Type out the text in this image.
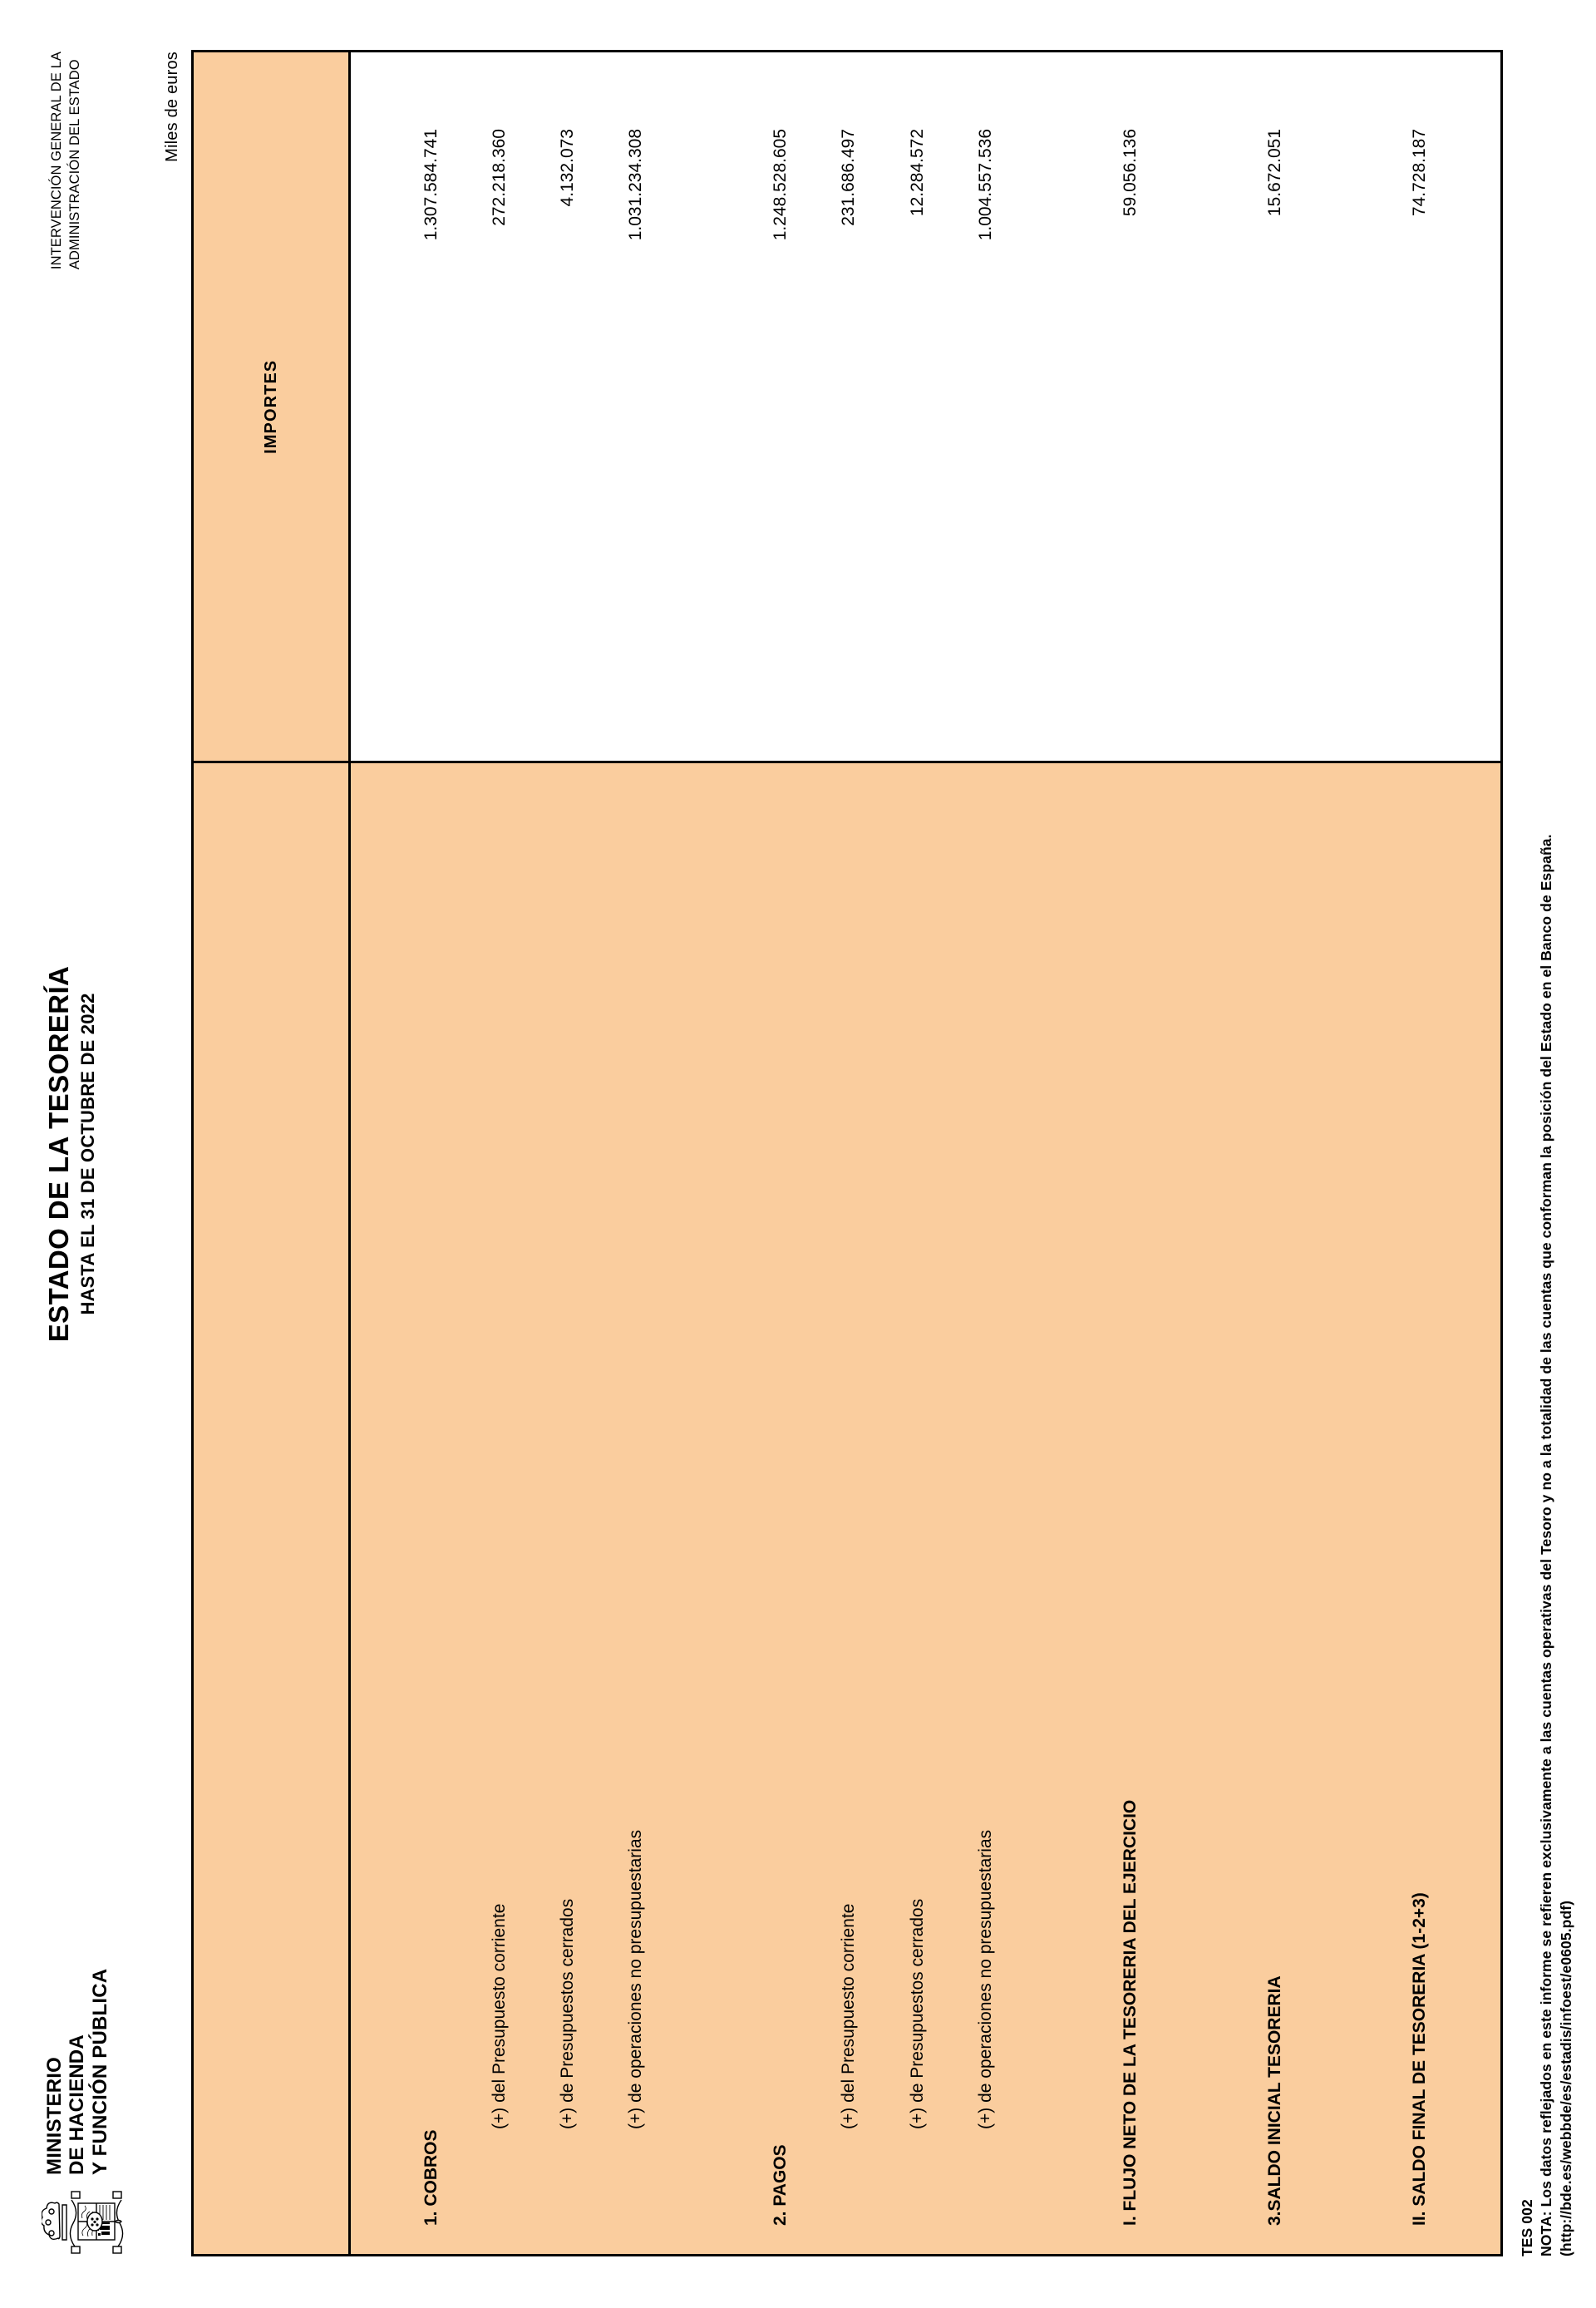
MINISTERIO DE HACIENDA Y FUNCIÓN PÚBLICA
ESTADO DE LA TESORERÍA HASTA EL 31 DE OCTUBRE DE 2022
INTERVENCIÓN GENERAL DE LA ADMINISTRACIÓN DEL ESTADO	Miles de euros
	IMPORTES

1. COBROS	1.307.584.741
(+) del Presupuesto corriente	272.218.360
(+) de Presupuestos cerrados	4.132.073
(+) de operaciones no presupuestarias	1.031.234.308

2. PAGOS	1.248.528.605
(+) del Presupuesto corriente	231.686.497
(+) de Presupuestos cerrados	12.284.572
(+) de operaciones no presupuestarias	1.004.557.536

I. FLUJO NETO DE LA TESORERIA DEL EJERCICIO	59.056.136

3.SALDO INICIAL TESORERIA	15.672.051

II. SALDO FINAL DE TESORERIA (1-2+3)	74.728.187

TES 002 NOTA: Los datos reflejados en este informe se refieren exclusivamente a las cuentas operativas del Tesoro y no a la totalidad de las cuentas que conforman la posición del Estado en el Banco de España. (http://bde.es/webbde/es/estadis/infoest/e0605.pdf)
